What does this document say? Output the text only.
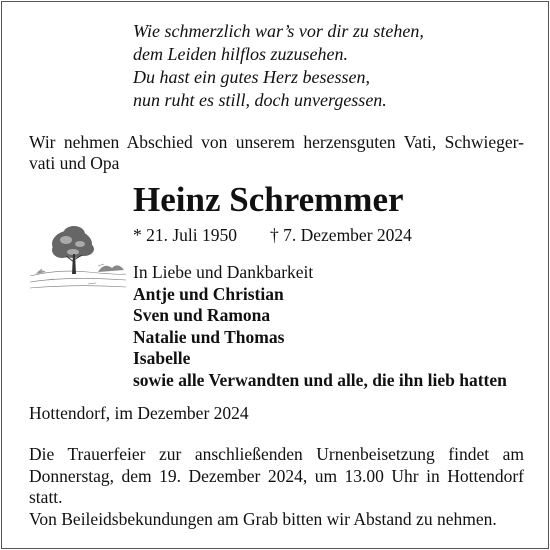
Wie schmerzlich war’s vor dir zu stehen,
dem Leiden hilflos zuzusehen.
Du hast ein gutes Herz besessen,
nun ruht es still, doch unvergessen.
Wir nehmen Abschied von unserem herzensguten Vati, Schwieger-
vati und Opa
Heinz Schremmer
* 21. Juli 1950 † 7. Dezember 2024
In Liebe und Dankbarkeit
Antje und Christian
Sven und Ramona
Natalie und Thomas
Isabelle
sowie alle Verwandten und alle, die ihn lieb hatten
Hottendorf, im Dezember 2024
Die Trauerfeier zur anschließenden Urnenbeisetzung findet am
Donnerstag, dem 19. Dezember 2024, um 13.00 Uhr in Hottendorf
statt.
Von Beileidsbekundungen am Grab bitten wir Abstand zu nehmen.
